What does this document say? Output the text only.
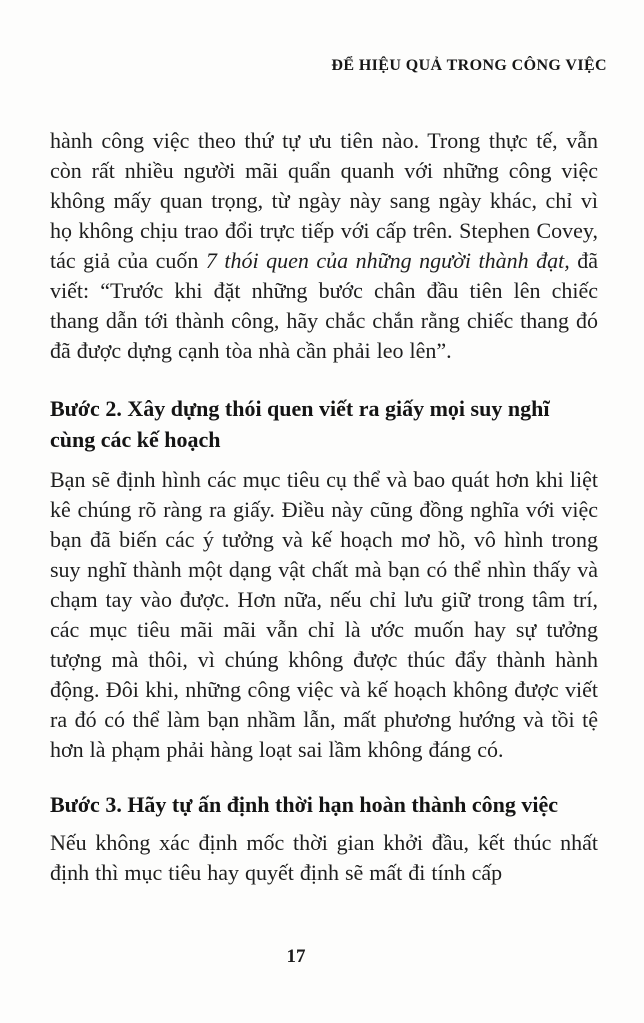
ĐỂ HIỆU QUẢ TRONG CÔNG VIỆC

hành công việc theo thứ tự ưu tiên nào. Trong thực tế, vẫn còn rất nhiều người mãi quẩn quanh với những công việc không mấy quan trọng, từ ngày này sang ngày khác, chỉ vì họ không chịu trao đổi trực tiếp với cấp trên. Stephen Covey, tác giả của cuốn 7 thói quen của những người thành đạt, đã viết: “Trước khi đặt những bước chân đầu tiên lên chiếc thang dẫn tới thành công, hãy chắc chắn rằng chiếc thang đó đã được dựng cạnh tòa nhà cần phải leo lên”.

Bước 2. Xây dựng thói quen viết ra giấy mọi suy nghĩ cùng các kế hoạch

Bạn sẽ định hình các mục tiêu cụ thể và bao quát hơn khi liệt kê chúng rõ ràng ra giấy. Điều này cũng đồng nghĩa với việc bạn đã biến các ý tưởng và kế hoạch mơ hồ, vô hình trong suy nghĩ thành một dạng vật chất mà bạn có thể nhìn thấy và chạm tay vào được. Hơn nữa, nếu chỉ lưu giữ trong tâm trí, các mục tiêu mãi mãi vẫn chỉ là ước muốn hay sự tưởng tượng mà thôi, vì chúng không được thúc đẩy thành hành động. Đôi khi, những công việc và kế hoạch không được viết ra đó có thể làm bạn nhầm lẫn, mất phương hướng và tồi tệ hơn là phạm phải hàng loạt sai lầm không đáng có.

Bước 3. Hãy tự ấn định thời hạn hoàn thành công việc

Nếu không xác định mốc thời gian khởi đầu, kết thúc nhất định thì mục tiêu hay quyết định sẽ mất đi tính cấp

17
